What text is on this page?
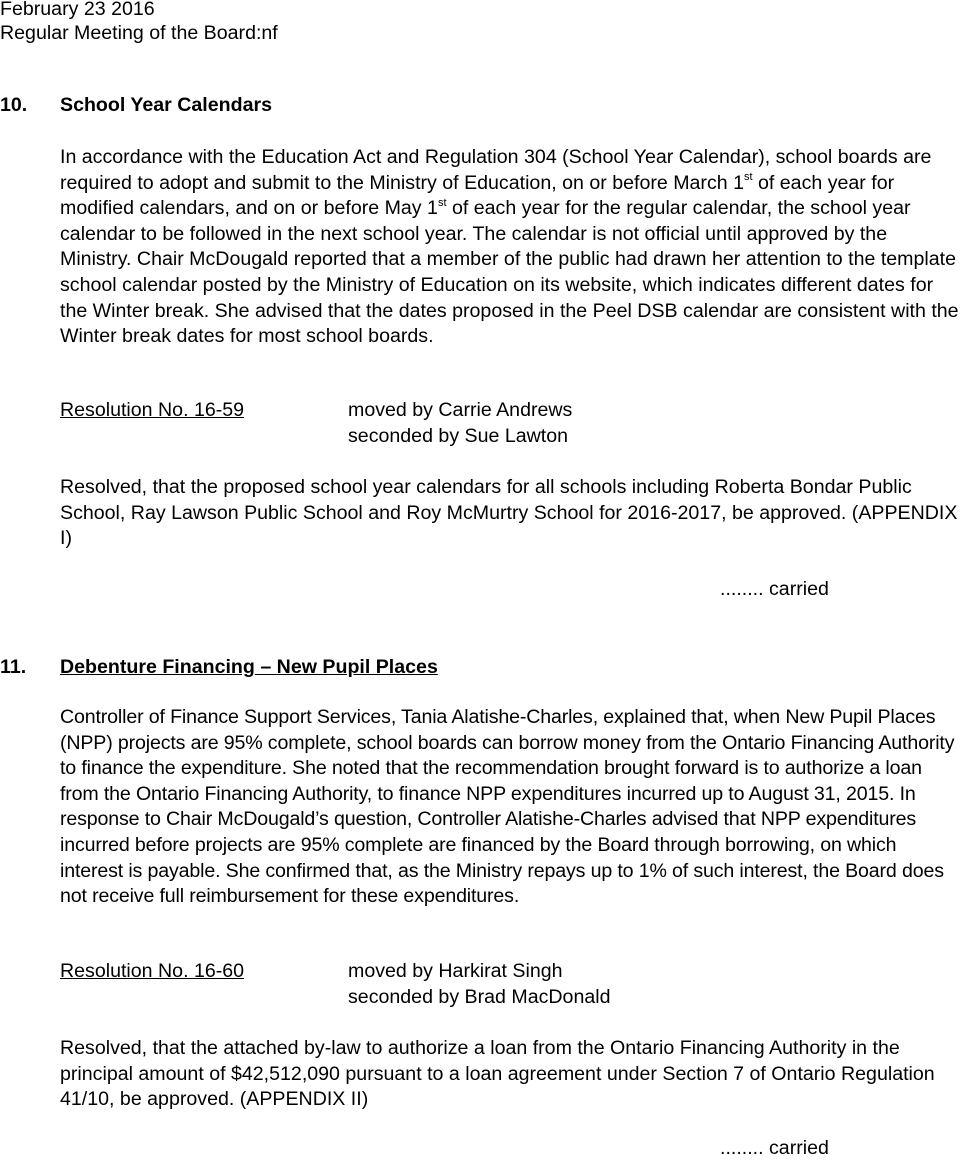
February 23 2016
Regular Meeting of the Board:nf
10. School Year Calendars
In accordance with the Education Act and Regulation 304 (School Year Calendar), school boards are required to adopt and submit to the Ministry of Education, on or before March 1st of each year for modified calendars, and on or before May 1st of each year for the regular calendar, the school year calendar to be followed in the next school year. The calendar is not official until approved by the Ministry. Chair McDougald reported that a member of the public had drawn her attention to the template school calendar posted by the Ministry of Education on its website, which indicates different dates for the Winter break. She advised that the dates proposed in the Peel DSB calendar are consistent with the Winter break dates for most school boards.
Resolution No. 16-59	moved by Carrie Andrews
seconded by Sue Lawton
Resolved, that the proposed school year calendars for all schools including Roberta Bondar Public School, Ray Lawson Public School and Roy McMurtry School for 2016-2017, be approved. (APPENDIX I)
........ carried
11. Debenture Financing – New Pupil Places
Controller of Finance Support Services, Tania Alatishe-Charles, explained that, when New Pupil Places (NPP) projects are 95% complete, school boards can borrow money from the Ontario Financing Authority to finance the expenditure. She noted that the recommendation brought forward is to authorize a loan from the Ontario Financing Authority, to finance NPP expenditures incurred up to August 31, 2015. In response to Chair McDougald’s question, Controller Alatishe-Charles advised that NPP expenditures incurred before projects are 95% complete are financed by the Board through borrowing, on which interest is payable. She confirmed that, as the Ministry repays up to 1% of such interest, the Board does not receive full reimbursement for these expenditures.
Resolution No. 16-60	moved by Harkirat Singh
seconded by Brad MacDonald
Resolved, that the attached by-law to authorize a loan from the Ontario Financing Authority in the principal amount of $42,512,090 pursuant to a loan agreement under Section 7 of Ontario Regulation 41/10, be approved. (APPENDIX II)
........ carried
